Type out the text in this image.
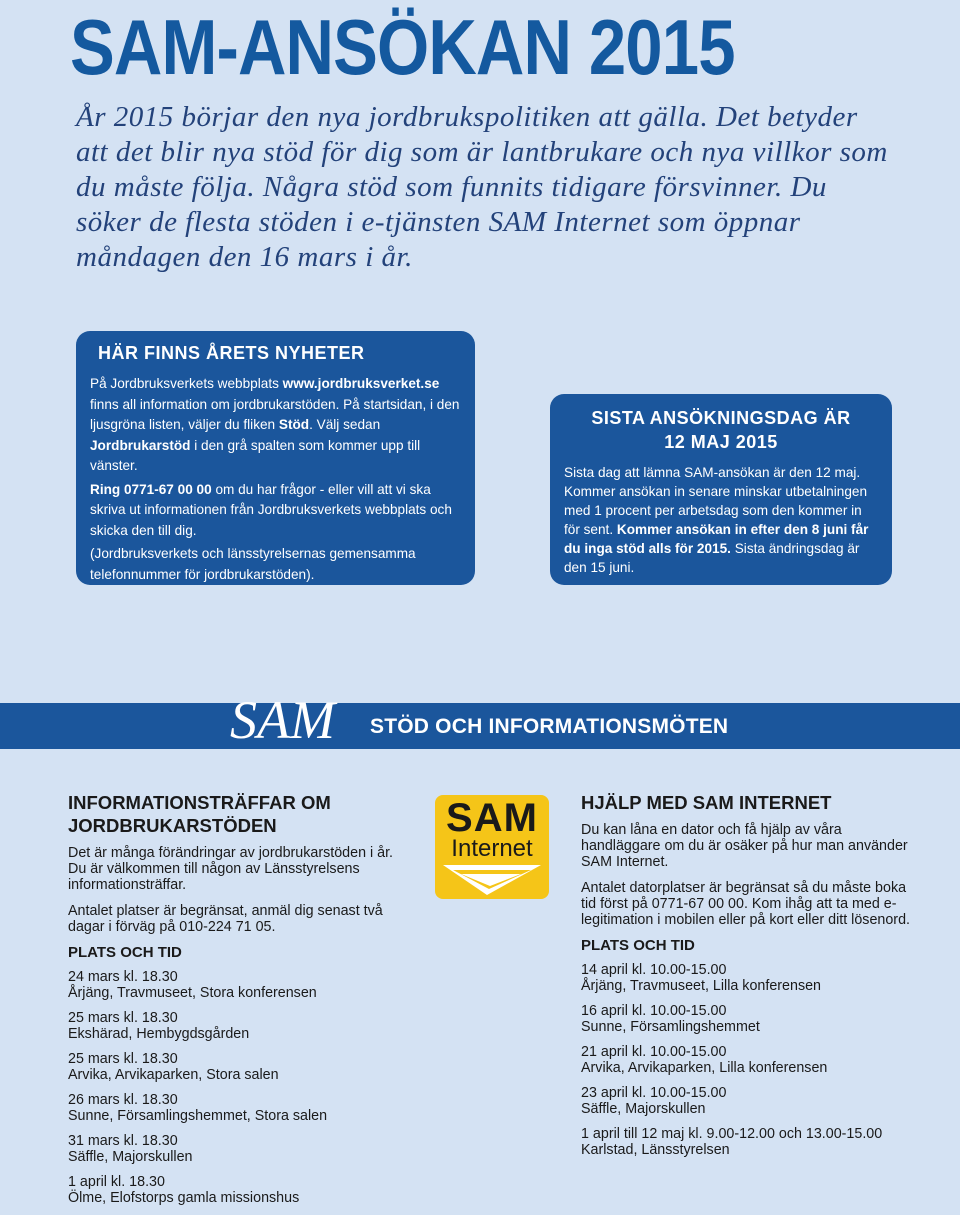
SAM-ANSÖKAN 2015
År 2015 börjar den nya jordbrukspolitiken att gälla. Det betyder att det blir nya stöd för dig som är lantbrukare och nya villkor som du måste följa. Några stöd som funnits tidigare försvinner. Du söker de flesta stöden i e-tjänsten SAM Internet som öppnar måndagen den 16 mars i år.
HÄR FINNS ÅRETS NYHETER

På Jordbruksverkets webbplats www.jordbruksverket.se finns all information om jordbrukarstöden. På startsidan, i den ljusgröna listen, väljer du fliken Stöd. Välj sedan Jordbrukarstöd i den grå spalten som kommer upp till vänster.

Ring 0771-67 00 00 om du har frågor - eller vill att vi ska skriva ut informationen från Jordbruksverkets webbplats och skicka den till dig.

(Jordbruksverkets och länsstyrelsernas gemensamma telefonnummer för jordbrukarstöden).

SISTA ANSÖKNINGSDAG ÄR
12 MAJ 2015

Sista dag att lämna SAM-ansökan är den 12 maj. Kommer ansökan in senare minskar utbetalningen med 1 procent per arbetsdag som den kommer in för sent. Kommer ansökan in efter den 8 juni får du inga stöd alls för 2015. Sista ändringsdag är den 15 juni.

SAM STÖD OCH INFORMATIONSMÖTEN
INFORMATIONSTRÄFFAR OM JORDBRUKARSTÖDEN

Det är många förändringar av jordbrukarstöden i år. Du är välkommen till någon av Länsstyrelsens informationsträffar.

Antalet platser är begränsat, anmäl dig senast två dagar i förväg på 010-224 71 05.

PLATS OCH TID
24 mars kl. 18.30
Årjäng, Travmuseet, Stora konferensen
25 mars kl. 18.30
Ekshärad, Hembygdsgården
25 mars kl. 18.30
Arvika, Arvikaparken, Stora salen
26 mars kl. 18.30
Sunne, Församlingshemmet, Stora salen
31 mars kl. 18.30
Säffle, Majorskullen
1 april kl. 18.30
Ölme, Elofstorps gamla missionshus
SAM
Internet
HJÄLP MED SAM INTERNET

Du kan låna en dator och få hjälp av våra handläggare om du är osäker på hur man använder SAM Internet.

Antalet datorplatser är begränsat så du måste boka tid först på 0771-67 00 00. Kom ihåg att ta med e-legitimation i mobilen eller på kort eller ditt lösenord.

PLATS OCH TID
14 april kl. 10.00-15.00
Årjäng, Travmuseet, Lilla konferensen
16 april kl. 10.00-15.00
Sunne, Församlingshemmet
21 april kl. 10.00-15.00
Arvika, Arvikaparken, Lilla konferensen
23 april kl. 10.00-15.00
Säffle, Majorskullen
1 april till 12 maj kl. 9.00-12.00 och 13.00-15.00
Karlstad, Länsstyrelsen
